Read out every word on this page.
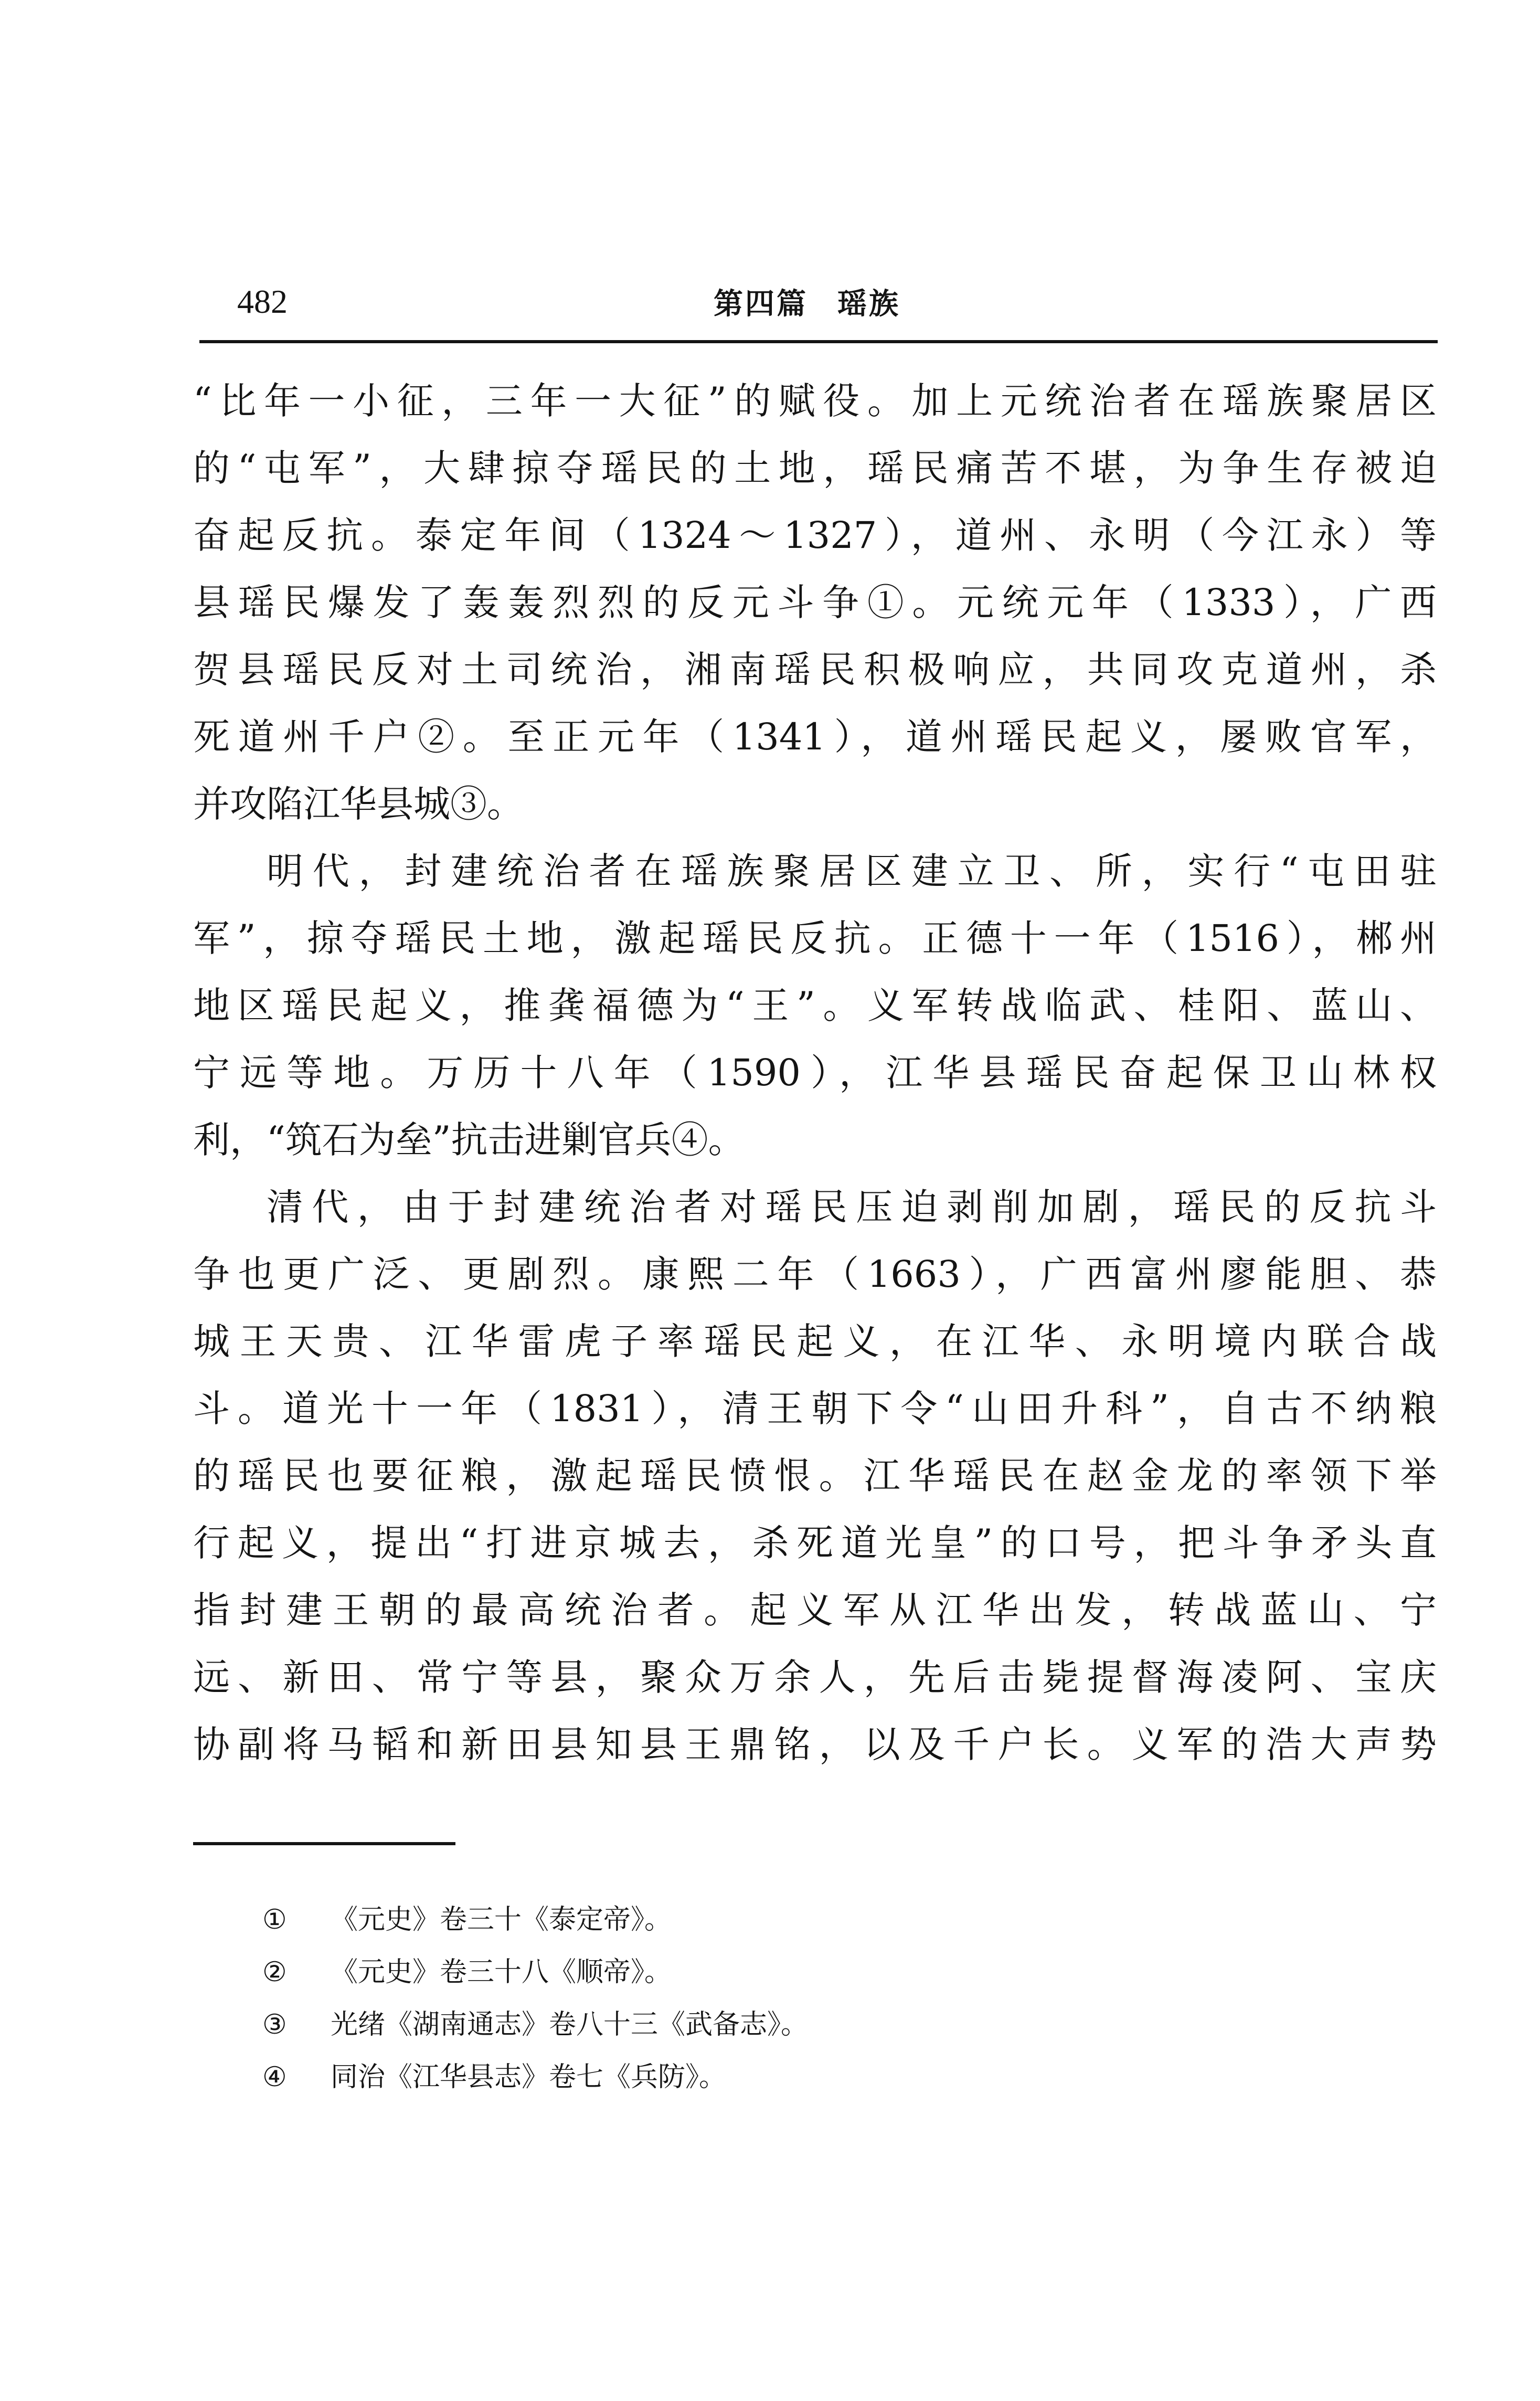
482	第四篇 瑶族
“比年一小征，三年一大征”的赋役。加上元统治者在瑶族聚居区
的“屯军”，大肆掠夺瑶民的土地，瑶民痛苦不堪，为争生存被迫
奋起反抗。泰定年间（1324～1327），道州、永明（今江永）等
县瑶民爆发了轰轰烈烈的反元斗争①。元统元年（1333），广西
贺县瑶民反对土司统治，湘南瑶民积极响应，共同攻克道州，杀
死道州千户②。至正元年（1341），道州瑶民起义，屡败官军，
并攻陷江华县城③。
明代，封建统治者在瑶族聚居区建立卫、所，实行“屯田驻
军”，掠夺瑶民土地，激起瑶民反抗。正德十一年（1516），郴州
地区瑶民起义，推龚福德为“王”。义军转战临武、桂阳、蓝山、
宁远等地。万历十八年（1590），江华县瑶民奋起保卫山林权
利，“筑石为垒”抗击进剿官兵④。
清代，由于封建统治者对瑶民压迫剥削加剧，瑶民的反抗斗
争也更广泛、更剧烈。康熙二年（1663），广西富州廖能胆、恭
城王天贵、江华雷虎子率瑶民起义，在江华、永明境内联合战
斗。道光十一年（1831），清王朝下令“山田升科”，自古不纳粮
的瑶民也要征粮，激起瑶民愤恨。江华瑶民在赵金龙的率领下举
行起义，提出“打进京城去，杀死道光皇”的口号，把斗争矛头直
指封建王朝的最高统治者。起义军从江华出发，转战蓝山、宁
远、新田、常宁等县，聚众万余人，先后击毙提督海凌阿、宝庆
协副将马韬和新田县知县王鼎铭，以及千户长。义军的浩大声势
① 《元史》卷三十《泰定帝》。
② 《元史》卷三十八《顺帝》。
③ 光绪《湖南通志》卷八十三《武备志》。
④ 同治《江华县志》卷七《兵防》。
